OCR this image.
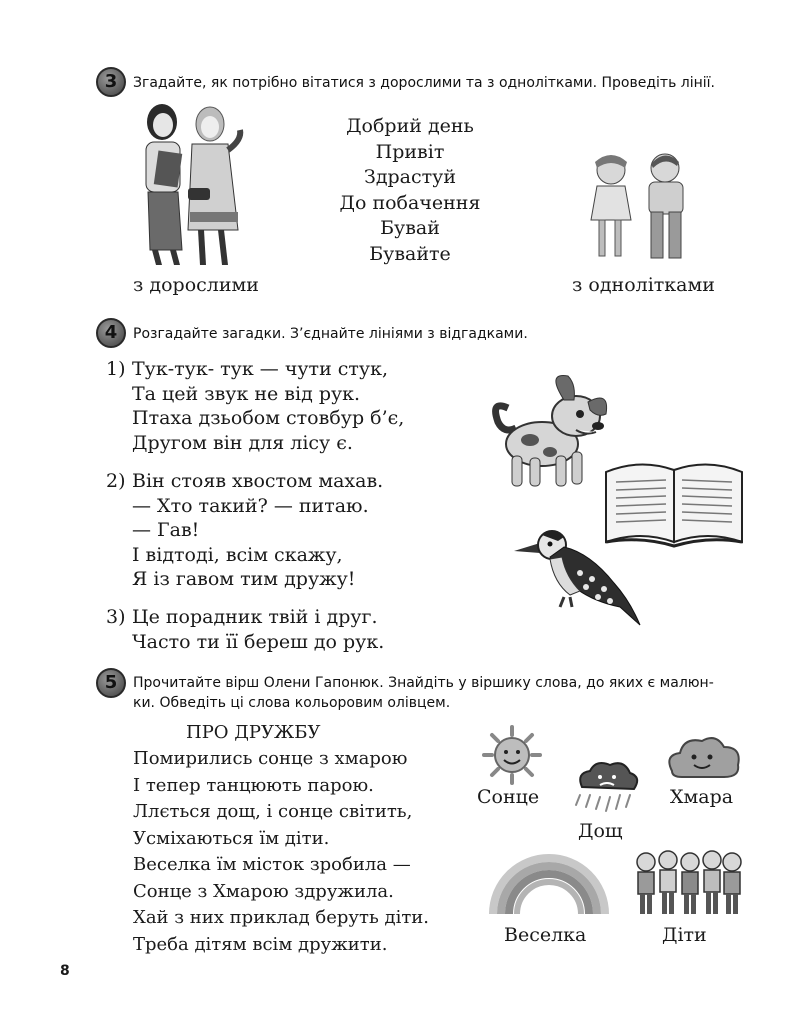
3	Згадайте, як потрібно вітатися з дорослими та з однолітками. Проведіть лінії.
Добрий день
Привіт
Здрастуй
До побачення
Бувай
Бувайте
з дорослими	з однолітками
4	Розгадайте загадки. З’єднайте лініями з відгадками.
1) Тук-тук- тук — чути стук,
Та цей звук не від рук.
Птаха дзьобом стовбур б’є,
Другом він для лісу є.
2) Він стояв хвостом махав.
— Хто такий? — питаю.
— Гав!
І відтоді, всім скажу,
Я із гавом тим дружу!
3) Це порадник твій і друг.
Часто ти її береш до рук.
5	Прочитайте вірш Олени Гапонюк. Знайдіть у віршику слова, до яких є малюн-
ки. Обведіть ці слова кольоровим олівцем.
ПРО ДРУЖБУ
Помирились сонце з хмарою
І тепер танцюють парою.
Ллється дощ, і сонце світить,
Усміхаються їм діти.
Веселка їм місток зробила —
Сонце з Хмарою здружила.
Хай з них приклад беруть діти.
Треба дітям всім дружити.
Сонце
Дощ
Хмара
Веселка	Діти
8
